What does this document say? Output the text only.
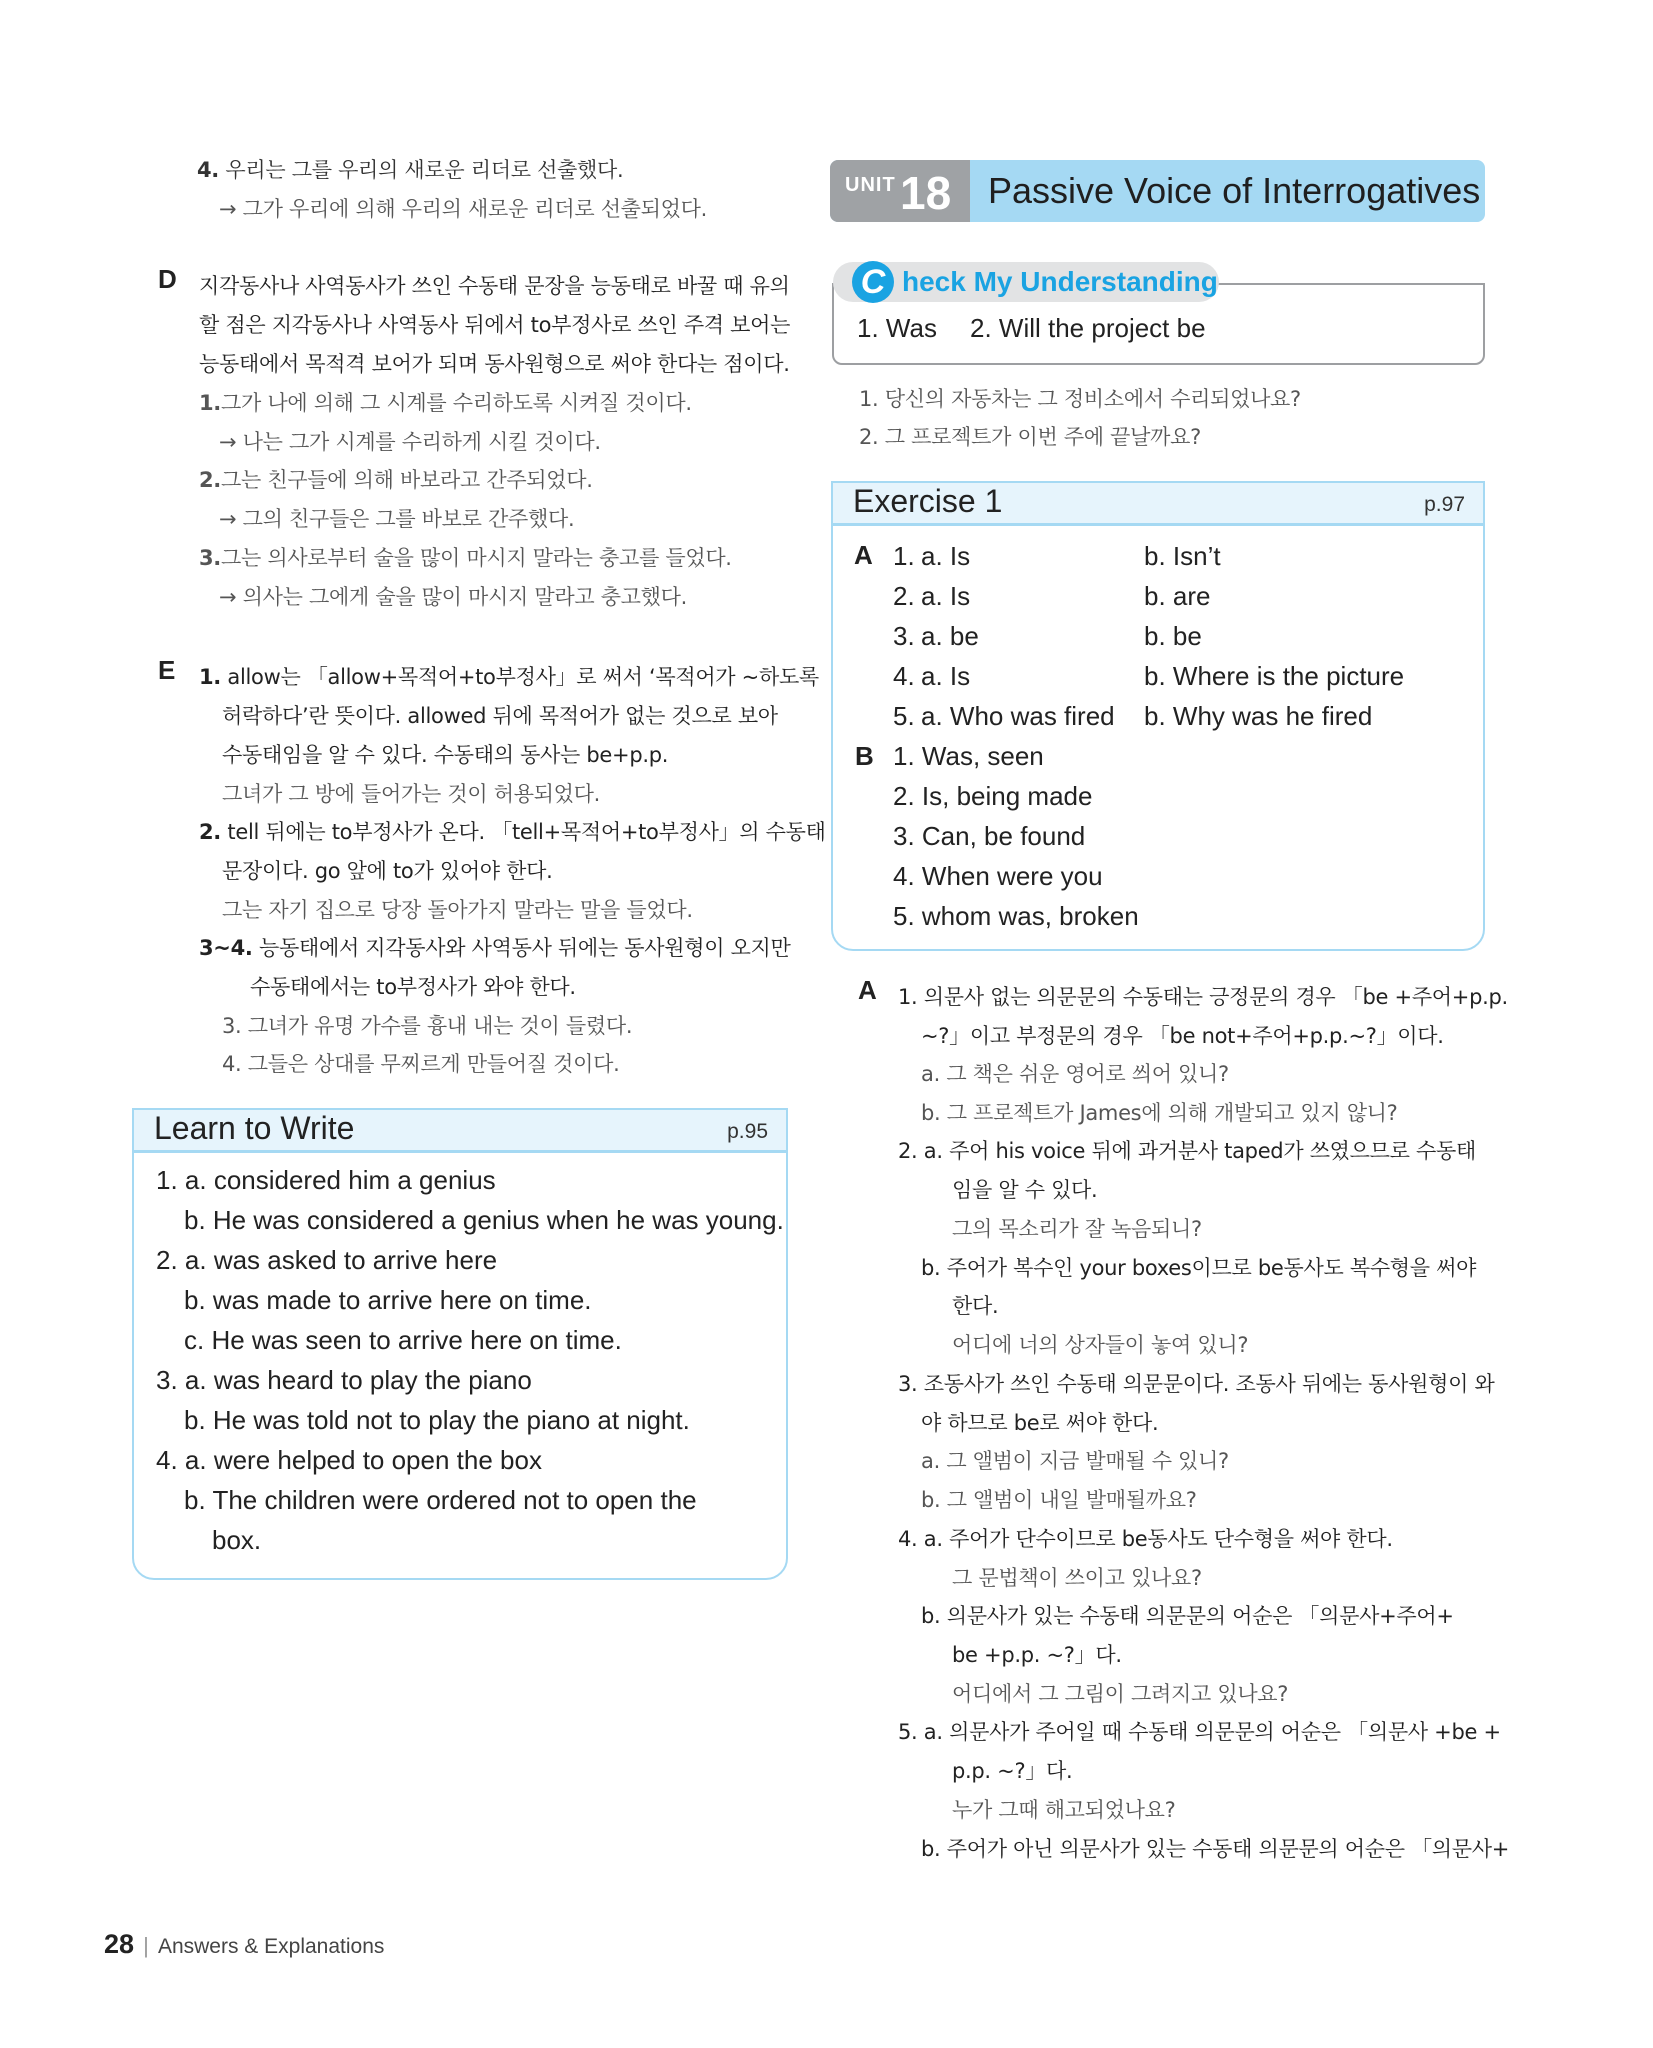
4. 우리는 그를 우리의 새로운 리더로 선출했다.
→ 그가 우리에 의해 우리의 새로운 리더로 선출되었다.
D 지각동사나 사역동사가 쓰인 수동태 문장을 능동태로 바꿀 때 유의
할 점은 지각동사나 사역동사 뒤에서 to부정사로 쓰인 주격 보어는
능동태에서 목적격 보어가 되며 동사원형으로 써야 한다는 점이다.
1.그가 나에 의해 그 시계를 수리하도록 시켜질 것이다.
→ 나는 그가 시계를 수리하게 시킬 것이다.
2.그는 친구들에 의해 바보라고 간주되었다.
→ 그의 친구들은 그를 바보로 간주했다.
3.그는 의사로부터 술을 많이 마시지 말라는 충고를 들었다.
→ 의사는 그에게 술을 많이 마시지 말라고 충고했다.
E 1. allow는 「allow+목적어+to부정사」로 써서 ‘목적어가 ~하도록
허락하다’란 뜻이다. allowed 뒤에 목적어가 없는 것으로 보아
수동태임을 알 수 있다. 수동태의 동사는 be+p.p.
그녀가 그 방에 들어가는 것이 허용되었다.
2. tell 뒤에는 to부정사가 온다. 「tell+목적어+to부정사」의 수동태
문장이다. go 앞에 to가 있어야 한다.
그는 자기 집으로 당장 돌아가지 말라는 말을 들었다.
3~4. 능동태에서 지각동사와 사역동사 뒤에는 동사원형이 오지만
수동태에서는 to부정사가 와야 한다.
3. 그녀가 유명 가수를 흉내 내는 것이 들렸다.
4. 그들은 상대를 무찌르게 만들어질 것이다.
Learn to Write	p.95
1. a. considered him a genius
b. He was considered a genius when he was young.
2. a. was asked to arrive here
b. was made to arrive here on time.
c. He was seen to arrive here on time.
3. a. was heard to play the piano
b. He was told not to play the piano at night.
4. a. were helped to open the box
b. The children were ordered not to open the
box.
UNIT 18 Passive Voice of Interrogatives
C heck My Understanding
1. Was 2. Will the project be
1. 당신의 자동차는 그 정비소에서 수리되었나요?
2. 그 프로젝트가 이번 주에 끝날까요?
Exercise 1	p.97
A 1. a. Is	b. Isn’t
2. a. Is	b. are
3. a. be	b. be
4. a. Is	b. Where is the picture
5. a. Who was fired b. Why was he fired
B 1. Was, seen
2. Is, being made
3. Can, be found
4. When were you
5. whom was, broken
A 1. 의문사 없는 의문문의 수동태는 긍정문의 경우 「be +주어+p.p.
~?」이고 부정문의 경우 「be not+주어+p.p.~?」이다.
a. 그 책은 쉬운 영어로 씌어 있니?
b. 그 프로젝트가 James에 의해 개발되고 있지 않니?
2. a. 주어 his voice 뒤에 과거분사 taped가 쓰였으므로 수동태
임을 알 수 있다.
그의 목소리가 잘 녹음되니?
b. 주어가 복수인 your boxes이므로 be동사도 복수형을 써야
한다.
어디에 너의 상자들이 놓여 있니?
3. 조동사가 쓰인 수동태 의문문이다. 조동사 뒤에는 동사원형이 와
야 하므로 be로 써야 한다.
a. 그 앨범이 지금 발매될 수 있니?
b. 그 앨범이 내일 발매될까요?
4. a. 주어가 단수이므로 be동사도 단수형을 써야 한다.
그 문법책이 쓰이고 있나요?
b. 의문사가 있는 수동태 의문문의 어순은 「의문사+주어+
be +p.p. ~?」다.
어디에서 그 그림이 그려지고 있나요?
5. a. 의문사가 주어일 때 수동태 의문문의 어순은 「의문사 +be +
p.p. ~?」다.
누가 그때 해고되었나요?
b. 주어가 아닌 의문사가 있는 수동태 의문문의 어순은 「의문사+
28 | Answers & Explanations
